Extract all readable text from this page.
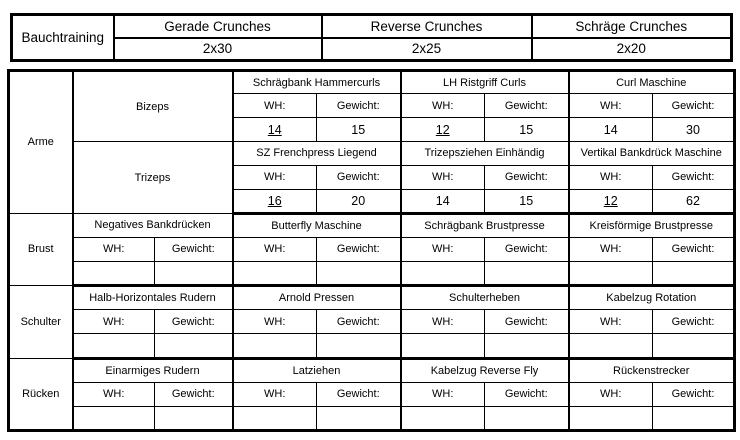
Bauchtraining	Gerade Crunches	Reverse Crunches	Schräge Crunches
	2x30	2x25	2x20
Arme	Bizeps		Schrägbank Hammercurls		LH Ristgriff Curls		Curl Maschine	
			WH:	Gewicht:	WH:	Gewicht:	WH:	Gewicht:
			14	15	12	15	14	30
	Trizeps		SZ Frenchpress Liegend		Trizepsziehen Einhändig		Vertikal Bankdrück Maschine	
			WH:	Gewicht:	WH:	Gewicht:	WH:	Gewicht:
			16	20	14	15	12	62
Brust	Negatives Bankdrücken		Butterfly Maschine		Schrägbank Brustpresse		Kreisförmige Brustpresse	
	WH:	Gewicht:	WH:	Gewicht:	WH:	Gewicht:	WH:	Gewicht:

Schulter	Halb-Horizontales Rudern		Arnold Pressen		Schulterheben		Kabelzug Rotation	
	WH:	Gewicht:	WH:	Gewicht:	WH:	Gewicht:	WH:	Gewicht:

Rücken	Einarmiges Rudern		Latziehen		Kabelzug Reverse Fly		Rückenstrecker	
	WH:	Gewicht:	WH:	Gewicht:	WH:	Gewicht:	WH:	Gewicht:
